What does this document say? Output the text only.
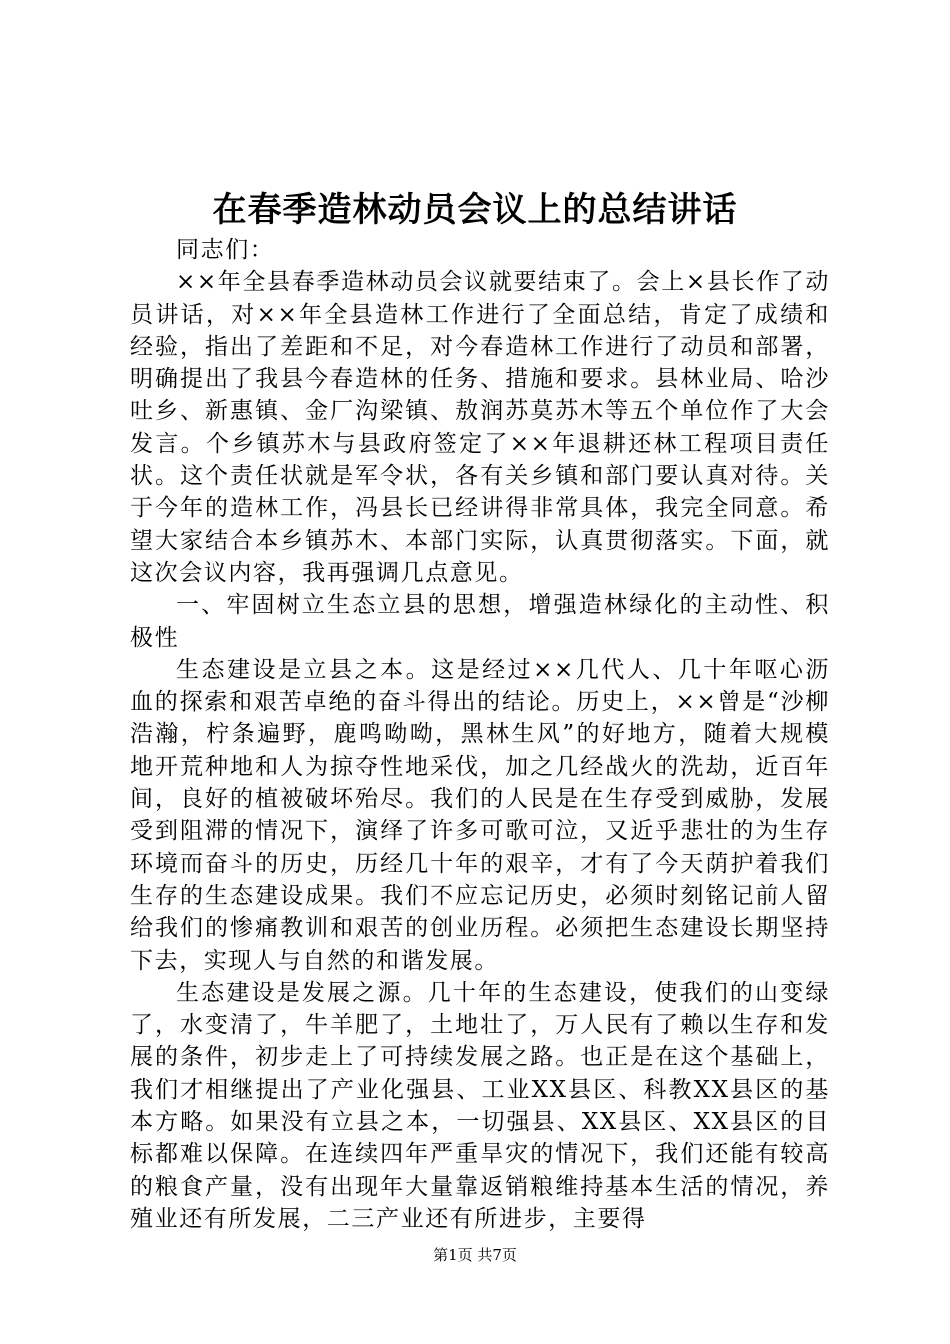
在春季造林动员会议上的总结讲话

同志们：

××年全县春季造林动员会议就要结束了。会上×县长作了动员讲话，对××年全县造林工作进行了全面总结，肯定了成绩和经验，指出了差距和不足，对今春造林工作进行了动员和部署，明确提出了我县今春造林的任务、措施和要求。县林业局、哈沙吐乡、新惠镇、金厂沟梁镇、敖润苏莫苏木等五个单位作了大会发言。个乡镇苏木与县政府签定了××年退耕还林工程项目责任状。这个责任状就是军令状，各有关乡镇和部门要认真对待。关于今年的造林工作，冯县长已经讲得非常具体，我完全同意。希望大家结合本乡镇苏木、本部门实际，认真贯彻落实。下面，就这次会议内容，我再强调几点意见。

一、牢固树立生态立县的思想，增强造林绿化的主动性、积极性

生态建设是立县之本。这是经过××几代人、几十年呕心沥血的探索和艰苦卓绝的奋斗得出的结论。历史上，××曾是“沙柳浩瀚，柠条遍野，鹿鸣呦呦，黑林生风”的好地方，随着大规模地开荒种地和人为掠夺性地采伐，加之几经战火的洗劫，近百年间，良好的植被破坏殆尽。我们的人民是在生存受到威胁，发展受到阻滞的情况下，演绎了许多可歌可泣，又近乎悲壮的为生存环境而奋斗的历史，历经几十年的艰辛，才有了今天荫护着我们生存的生态建设成果。我们不应忘记历史，必须时刻铭记前人留给我们的惨痛教训和艰苦的创业历程。必须把生态建设长期坚持下去，实现人与自然的和谐发展。

生态建设是发展之源。几十年的生态建设，使我们的山变绿了，水变清了，牛羊肥了，土地壮了，万人民有了赖以生存和发展的条件，初步走上了可持续发展之路。也正是在这个基础上，我们才相继提出了产业化强县、工业XX县区、科教XX县区的基本方略。如果没有立县之本，一切强县、XX县区、XX县区的目标都难以保障。在连续四年严重旱灾的情况下，我们还能有较高的粮食产量，没有出现年大量靠返销粮维持基本生活的情况，养殖业还有所发展，二三产业还有所进步，主要得

第1页 共7页
